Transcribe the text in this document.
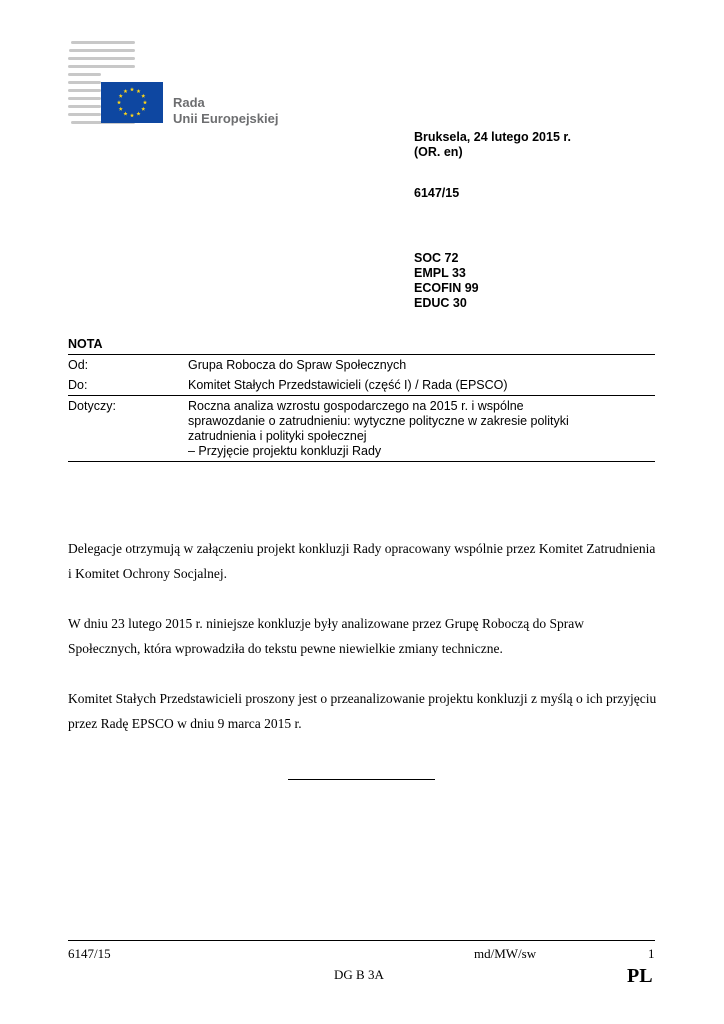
Rada
Unii Europejskiej
Bruksela, 24 lutego 2015 r.
(OR. en)
6147/15
SOC 72
EMPL 33
ECOFIN 99
EDUC 30
NOTA
Od:	Grupa Robocza do Spraw Społecznych
Do:	Komitet Stałych Przedstawicieli (część I) / Rada (EPSCO)
Dotyczy:	Roczna analiza wzrostu gospodarczego na 2015 r. i wspólne
sprawozdanie o zatrudnieniu: wytyczne polityczne w zakresie polityki
zatrudnienia i polityki społecznej
– Przyjęcie projektu konkluzji Rady

Delegacje otrzymują w załączeniu projekt konkluzji Rady opracowany wspólnie przez Komitet Zatrudnienia i Komitet Ochrony Socjalnej.

W dniu 23 lutego 2015 r. niniejsze konkluzje były analizowane przez Grupę Roboczą do Spraw Społecznych, która wprowadziła do tekstu pewne niewielkie zmiany techniczne.

Komitet Stałych Przedstawicieli proszony jest o przeanalizowanie projektu konkluzji z myślą o ich przyjęciu przez Radę EPSCO w dniu 9 marca 2015 r.

6147/15	md/MW/sw	1
DG B 3A	PL
